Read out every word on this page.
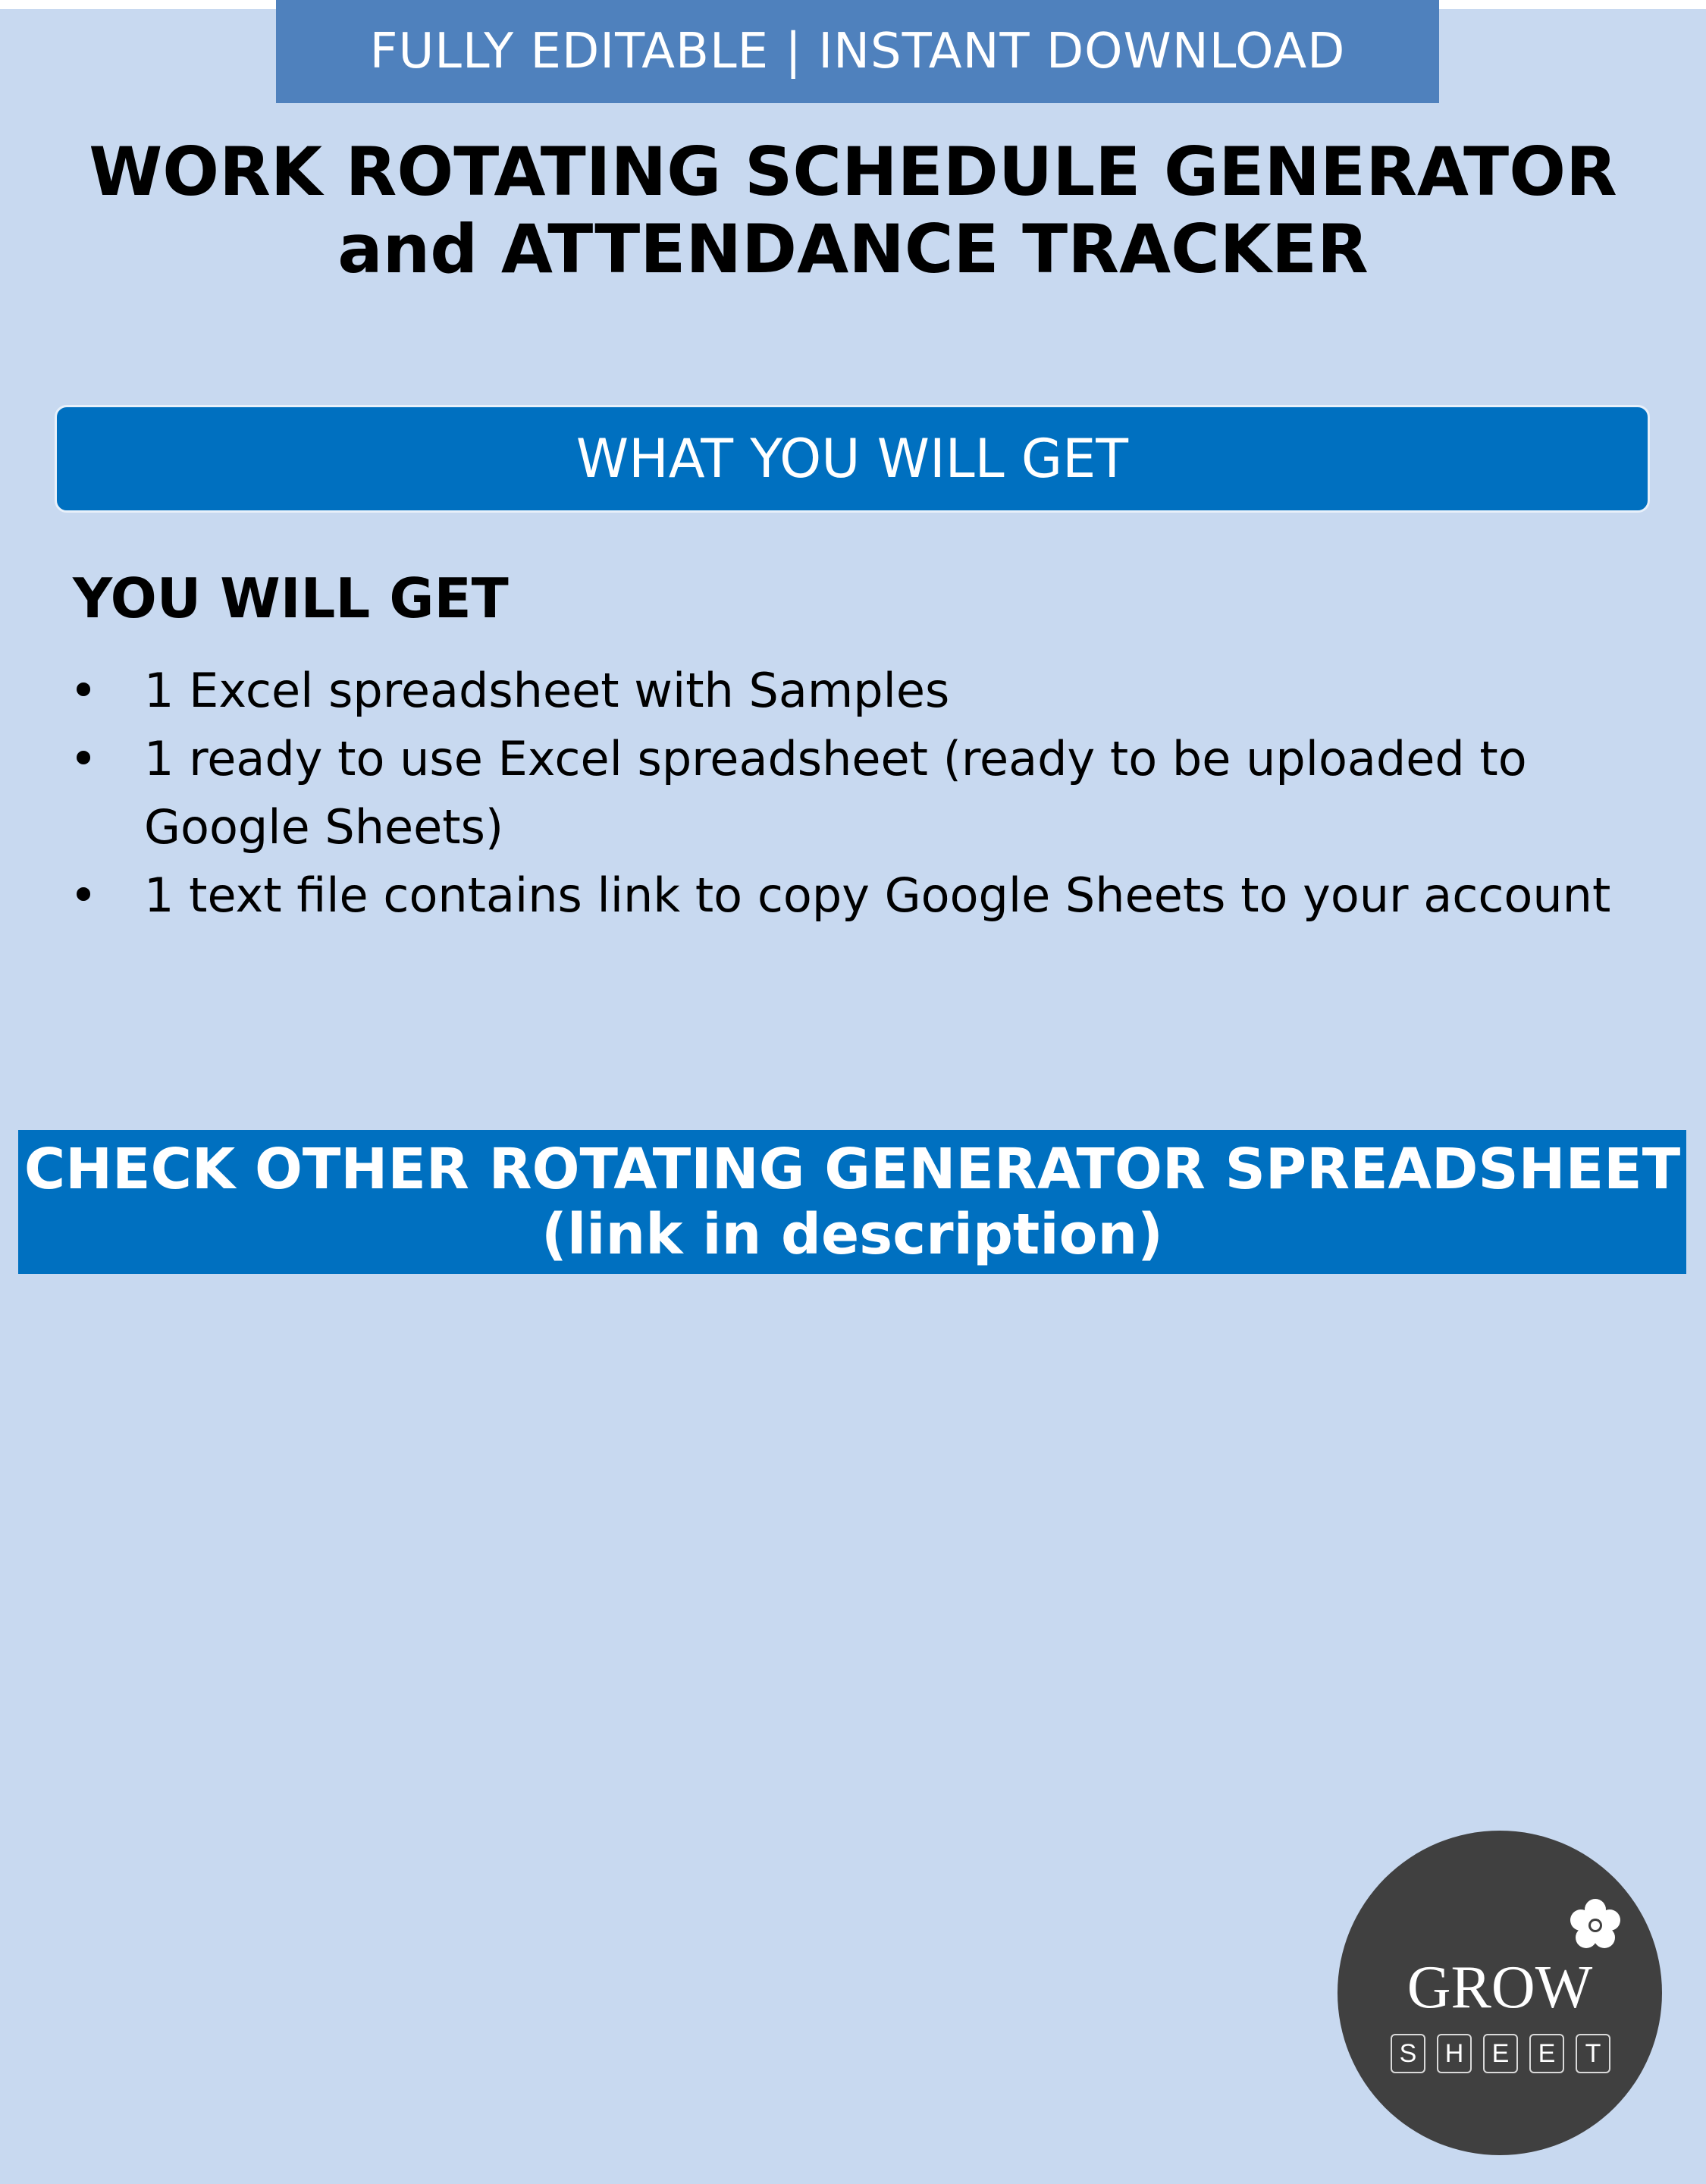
FULLY EDITABLE | INSTANT DOWNLOAD
WORK ROTATING SCHEDULE GENERATOR
and ATTENDANCE TRACKER
WHAT YOU WILL GET
YOU WILL GET
• 1 Excel spreadsheet with Samples
• 1 ready to use Excel spreadsheet (ready to be uploaded to Google Sheets)
• 1 text file contains link to copy Google Sheets to your account
CHECK OTHER ROTATING GENERATOR SPREADSHEET
(link in description)
GROW
S	H	E	E	T
